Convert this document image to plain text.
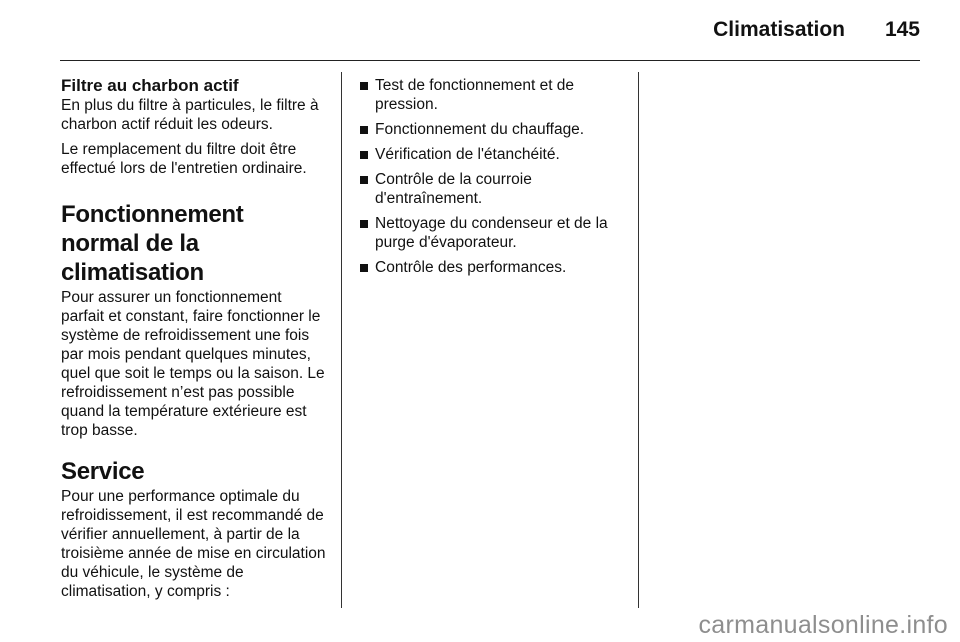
Climatisation 145
Filtre au charbon actif

En plus du filtre à particules, le filtre à charbon actif réduit les odeurs.

Le remplacement du filtre doit être effectué lors de l'entretien ordinaire.

Fonctionnement normal de la climatisation

Pour assurer un fonctionnement parfait et constant, faire fonctionner le système de refroidissement une fois par mois pendant quelques minutes, quel que soit le temps ou la saison. Le refroidissement n’est pas possible quand la température extérieure est trop basse.

Service

Pour une performance optimale du refroidissement, il est recommandé de vérifier annuellement, à partir de la troisième année de mise en circulation du véhicule, le système de climatisation, y compris :

Test de fonctionnement et de pression.
Fonctionnement du chauffage.
Vérification de l'étanchéité.
Contrôle de la courroie d'entraînement.
Nettoyage du condenseur et de la purge d'évaporateur.
Contrôle des performances.
carmanualsonline.info
